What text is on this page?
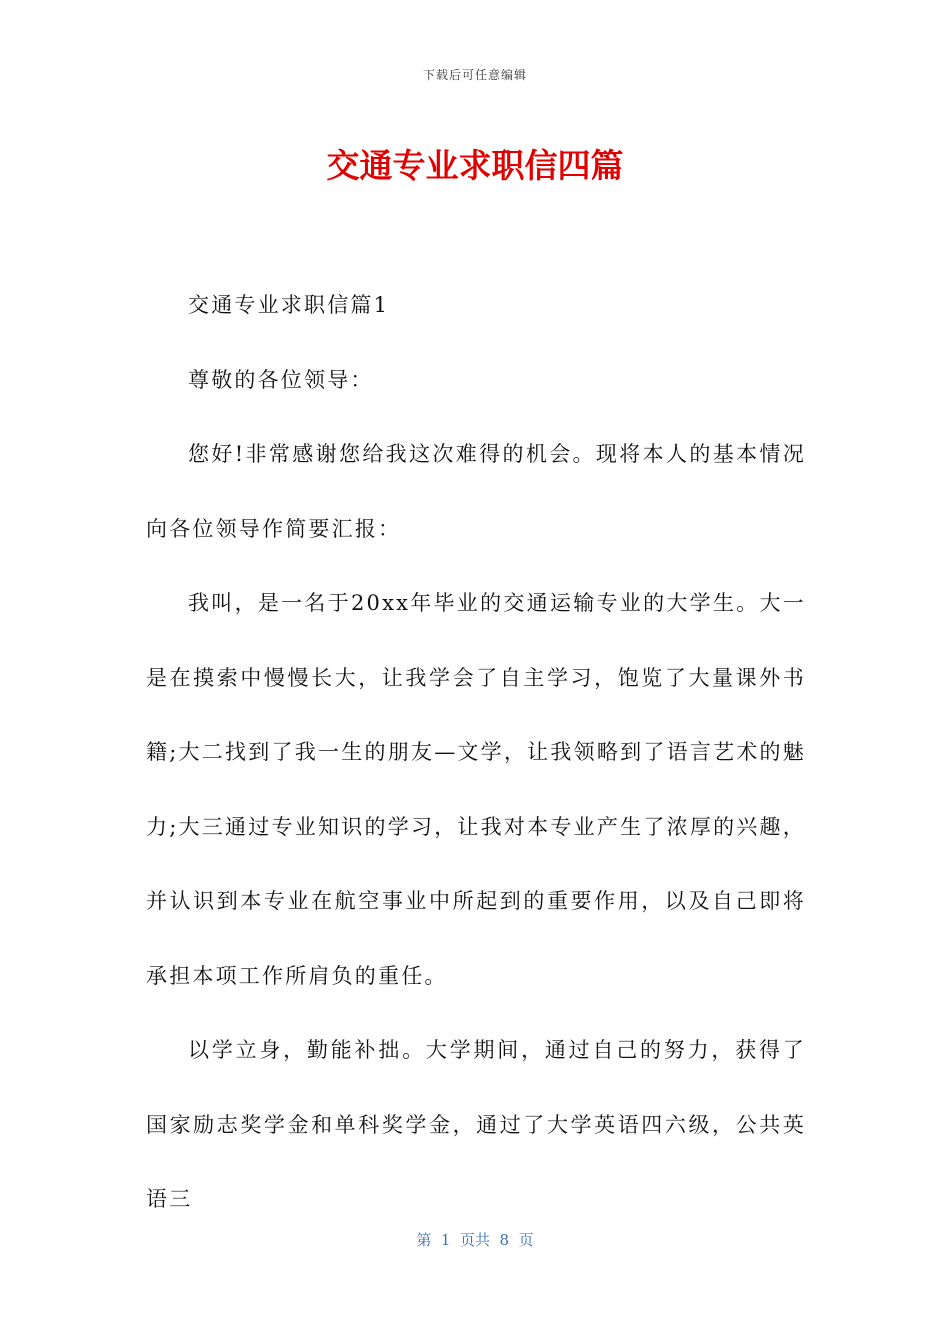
下载后可任意编辑
交通专业求职信四篇

交通专业求职信篇1

尊敬的各位领导：

您好!非常感谢您给我这次难得的机会。现将本人的基本情况向各位领导作简要汇报：

我叫，是一名于20xx年毕业的交通运输专业的大学生。大一是在摸索中慢慢长大，让我学会了自主学习，饱览了大量课外书籍;大二找到了我一生的朋友—文学，让我领略到了语言艺术的魅力;大三通过专业知识的学习，让我对本专业产生了浓厚的兴趣，并认识到本专业在航空事业中所起到的重要作用，以及自己即将承担本项工作所肩负的重任。

以学立身，勤能补拙。大学期间，通过自己的努力，获得了国家励志奖学金和单科奖学金，通过了大学英语四六级，公共英语三

第  1  页共  8  页
